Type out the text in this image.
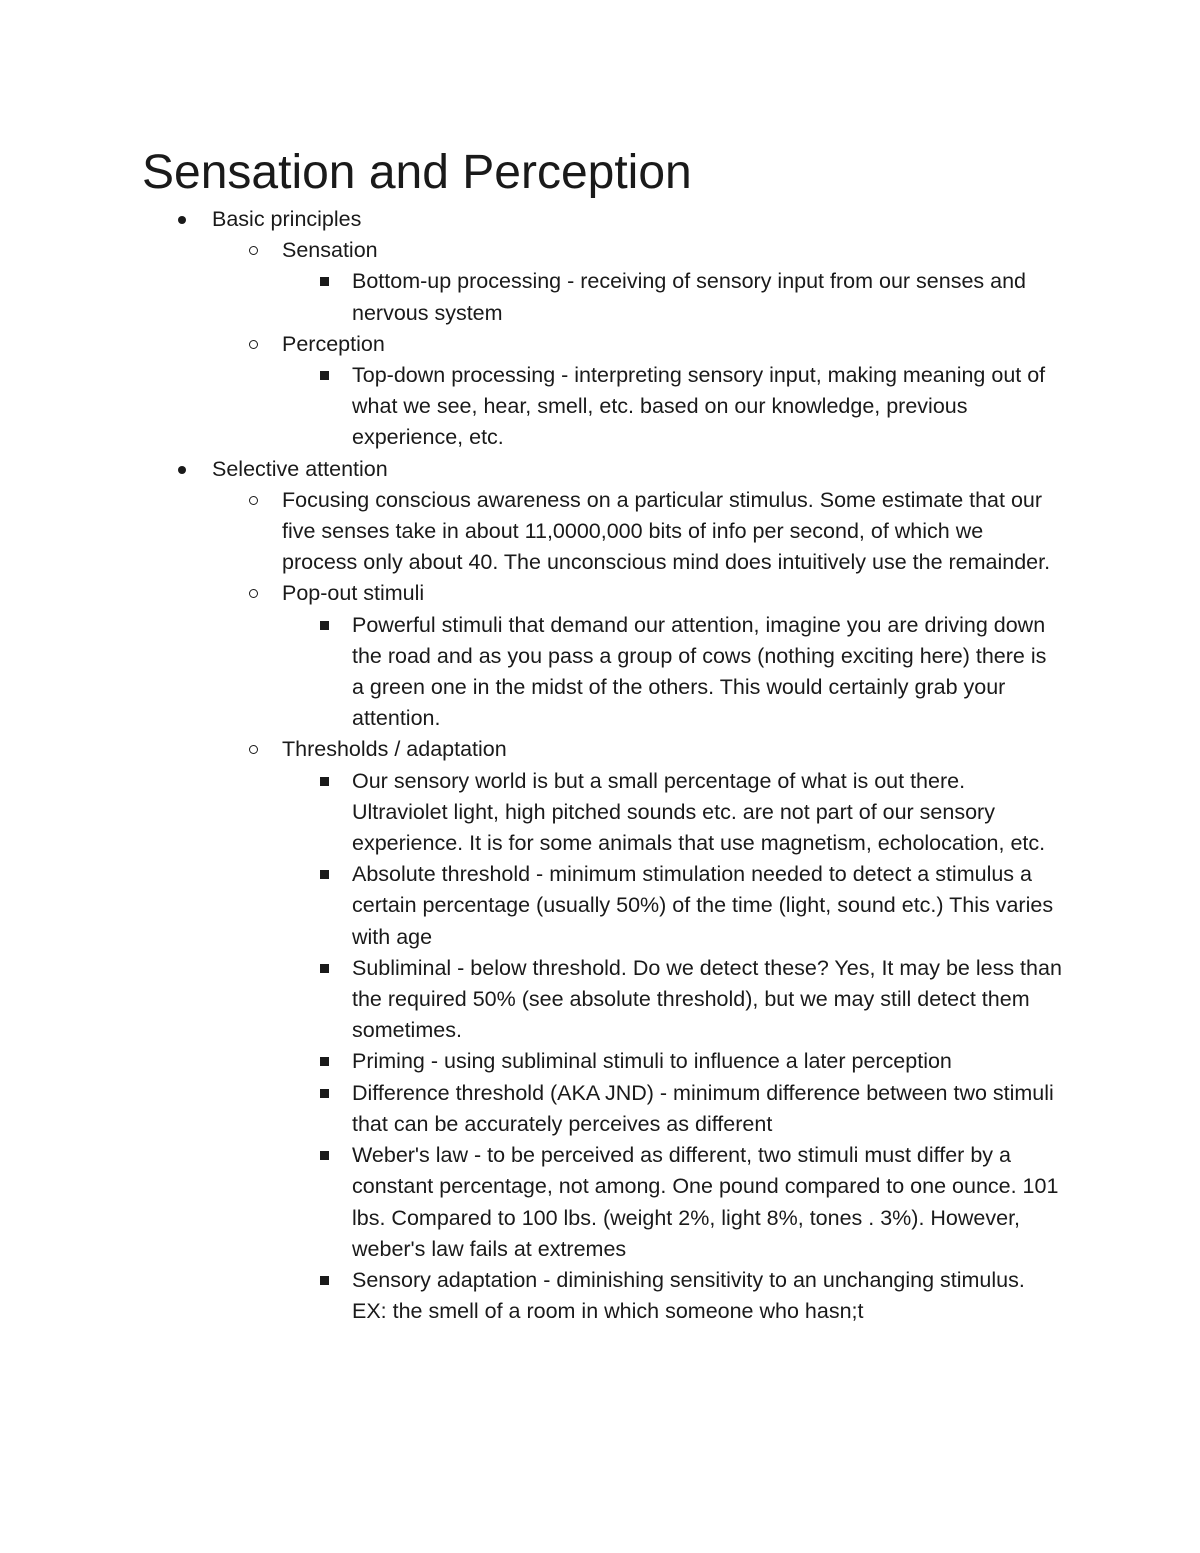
Sensation and Perception
Basic principles
Sensation
Bottom-up processing - receiving of sensory input from our senses and nervous system
Perception
Top-down processing - interpreting sensory input, making meaning out of what we see, hear, smell, etc. based on our knowledge, previous experience, etc.
Selective attention
Focusing conscious awareness on a particular stimulus. Some estimate that our five senses take in about 11,0000,000 bits of info per second, of which we process only about 40. The unconscious mind does intuitively use the remainder.
Pop-out stimuli
Powerful stimuli that demand our attention, imagine you are driving down the road and as you pass a group of cows (nothing exciting here) there is a green one in the midst of the others. This would certainly grab your attention.
Thresholds / adaptation
Our sensory world is but a small percentage of what is out there. Ultraviolet light, high pitched sounds etc. are not part of our sensory experience. It is for some animals that use magnetism, echolocation, etc.
Absolute threshold - minimum stimulation needed to detect a stimulus a certain percentage (usually 50%) of the time (light, sound etc.) This varies with age
Subliminal - below threshold. Do we detect these? Yes, It may be less than the required 50% (see absolute threshold), but we may still detect them sometimes.
Priming - using subliminal stimuli to influence a later perception
Difference threshold (AKA JND) - minimum difference between two stimuli that can be accurately perceives as different
Weber's law - to be perceived as different, two stimuli must differ by a constant percentage, not among. One pound compared to one ounce. 101 lbs. Compared to 100 lbs. (weight 2%, light 8%, tones . 3%). However, weber's law fails at extremes
Sensory adaptation - diminishing sensitivity to an unchanging stimulus. EX: the smell of a room in which someone who hasn;t
